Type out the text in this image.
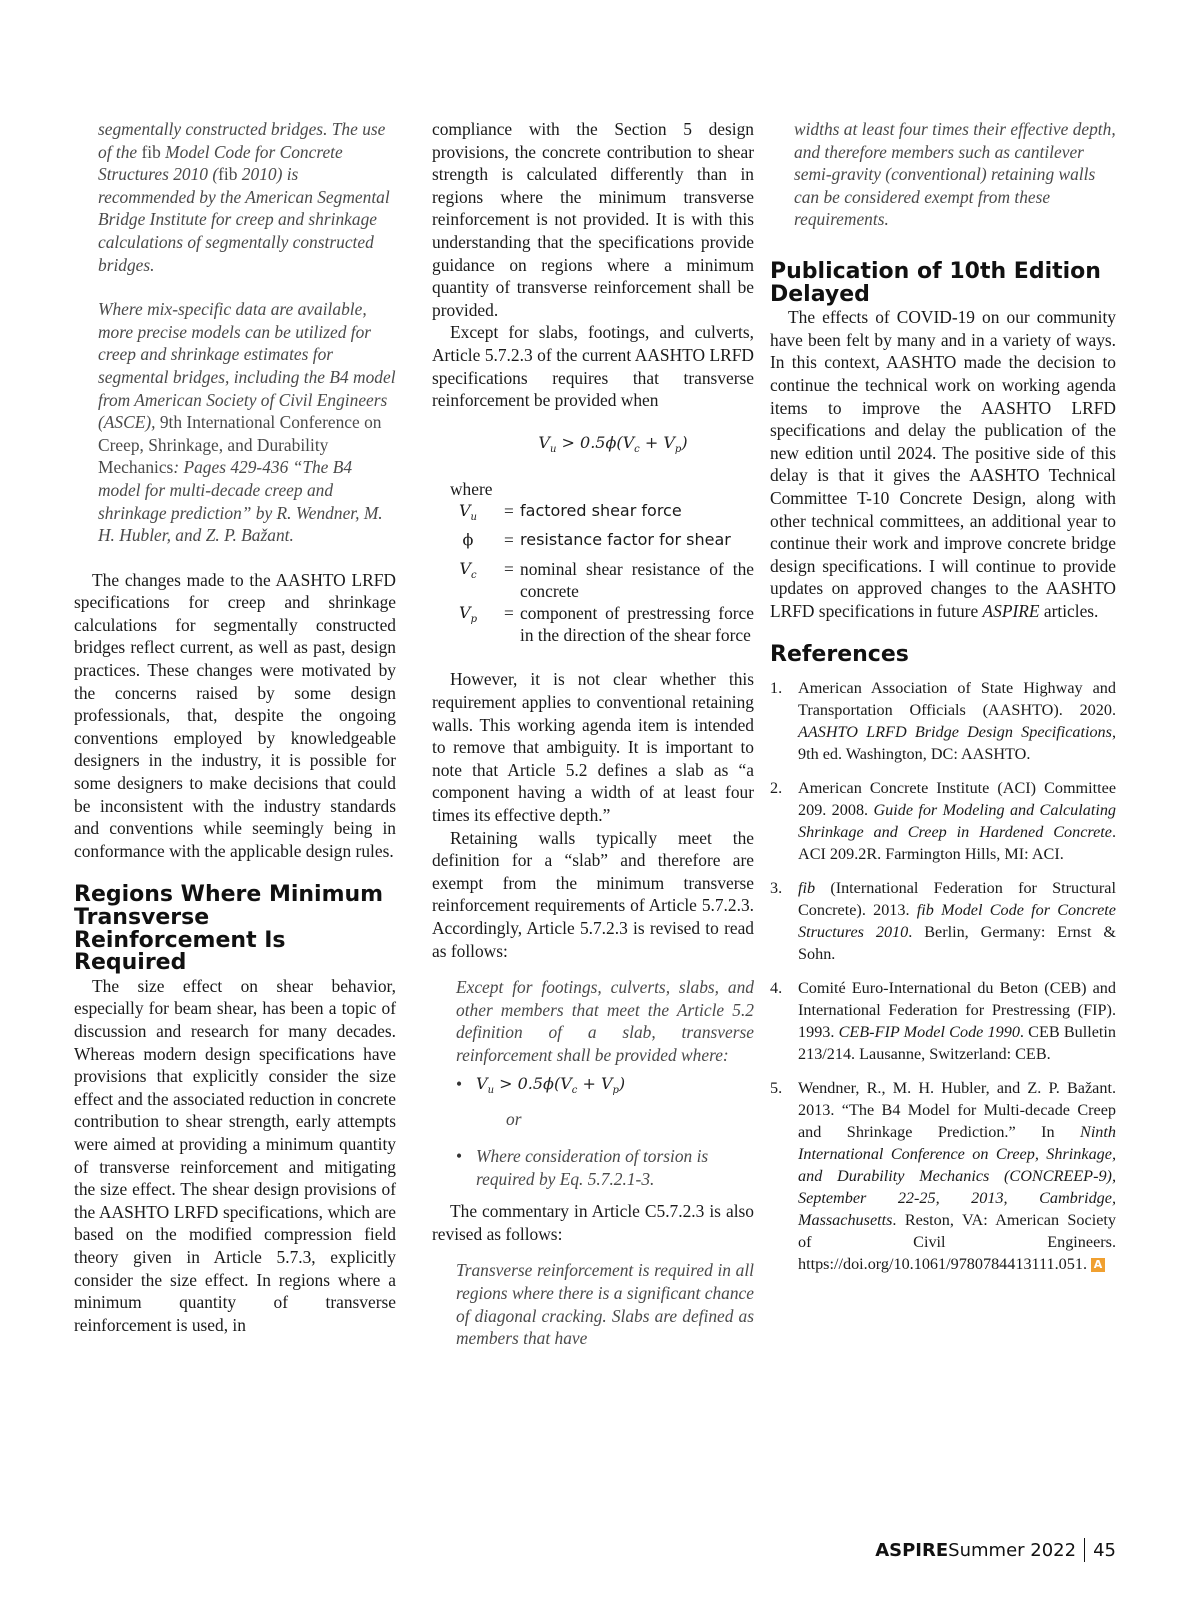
segmentally constructed bridges. The use of the fib Model Code for Concrete Structures 2010 (fib 2010) is recommended by the American Segmental Bridge Institute for creep and shrinkage calculations of segmentally constructed bridges.

Where mix-specific data are available, more precise models can be utilized for creep and shrinkage estimates for segmental bridges, including the B4 model from American Society of Civil Engineers (ASCE), 9th International Conference on Creep, Shrinkage, and Durability Mechanics: Pages 429-436 “The B4 model for multi-decade creep and shrinkage prediction” by R. Wendner, M. H. Hubler, and Z. P. Bažant.

The changes made to the AASHTO LRFD specifications for creep and shrinkage calculations for segmentally constructed bridges reflect current, as well as past, design practices. These changes were motivated by the concerns raised by some design professionals, that, despite the ongoing conventions employed by knowledgeable designers in the industry, it is possible for some designers to make decisions that could be inconsistent with the industry standards and conventions while seemingly being in conformance with the applicable design rules.

Regions Where Minimum Transverse Reinforcement Is Required

The size effect on shear behavior, especially for beam shear, has been a topic of discussion and research for many decades. Whereas modern design specifications have provisions that explicitly consider the size effect and the associated reduction in concrete contribution to shear strength, early attempts were aimed at providing a minimum quantity of transverse reinforcement and mitigating the size effect. The shear design provisions of the AASHTO LRFD specifications, which are based on the modified compression field theory given in Article 5.7.3, explicitly consider the size effect. In regions where a minimum quantity of transverse reinforcement is used, in

compliance with the Section 5 design provisions, the concrete contribution to shear strength is calculated differently than in regions where the minimum transverse reinforcement is not provided. It is with this understanding that the specifications provide guidance on regions where a minimum quantity of transverse reinforcement shall be provided.

Except for slabs, footings, and culverts, Article 5.7.2.3 of the current AASHTO LRFD specifications requires that transverse reinforcement be provided when

$V_u > 0.5\phi(V_c + V_p)$
where
$V_u$	= factored shear force
ϕ	= resistance factor for shear
$V_c$	= nominal shear resistance of the concrete
$V_p$	= component of prestressing force in the direction of the shear force

However, it is not clear whether this requirement applies to conventional retaining walls. This working agenda item is intended to remove that ambiguity. It is important to note that Article 5.2 defines a slab as “a component having a width of at least four times its effective depth.”

Retaining walls typically meet the definition for a “slab” and therefore are exempt from the minimum transverse reinforcement requirements of Article 5.7.2.3. Accordingly, Article 5.7.2.3 is revised to read as follows:

Except for footings, culverts, slabs, and other members that meet the Article 5.2 definition of a slab, transverse reinforcement shall be provided where:

• $V_u > 0.5\phi(V_c + V_p)$
or
• Where consideration of torsion is required by Eq. 5.7.2.1-3.

The commentary in Article C5.7.2.3 is also revised as follows:

Transverse reinforcement is required in all regions where there is a significant chance of diagonal cracking. Slabs are defined as members that have

widths at least four times their effective depth, and therefore members such as cantilever semi-gravity (conventional) retaining walls can be considered exempt from these requirements.

Publication of 10th Edition Delayed

The effects of COVID-19 on our community have been felt by many and in a variety of ways. In this context, AASHTO made the decision to continue the technical work on working agenda items to improve the AASHTO LRFD specifications and delay the publication of the new edition until 2024. The positive side of this delay is that it gives the AASHTO Technical Committee T-10 Concrete Design, along with other technical committees, an additional year to continue their work and improve concrete bridge design specifications. I will continue to provide updates on approved changes to the AASHTO LRFD specifications in future ASPIRE articles.

References
1. American Association of State Highway and Transportation Officials (AASHTO). 2020. AASHTO LRFD Bridge Design Specifications, 9th ed. Washington, DC: AASHTO.
2. American Concrete Institute (ACI) Committee 209. 2008. Guide for Modeling and Calculating Shrinkage and Creep in Hardened Concrete. ACI 209.2R. Farmington Hills, MI: ACI.
3. fib (International Federation for Structural Concrete). 2013. fib Model Code for Concrete Structures 2010. Berlin, Germany: Ernst & Sohn.
4. Comité Euro-International du Beton (CEB) and International Federation for Prestressing (FIP). 1993. CEB-FIP Model Code 1990. CEB Bulletin 213/214. Lausanne, Switzerland: CEB.
5. Wendner, R., M. H. Hubler, and Z. P. Bažant. 2013. “The B4 Model for Multi-decade Creep and Shrinkage Prediction.” In Ninth International Conference on Creep, Shrinkage, and Durability Mechanics (CONCREEP-9), September 22-25, 2013, Cambridge, Massachusetts. Reston, VA: American Society of Civil Engineers. https://doi.org/10.1061/9780784413111.051. A
ASPIRE Summer 2022 45
